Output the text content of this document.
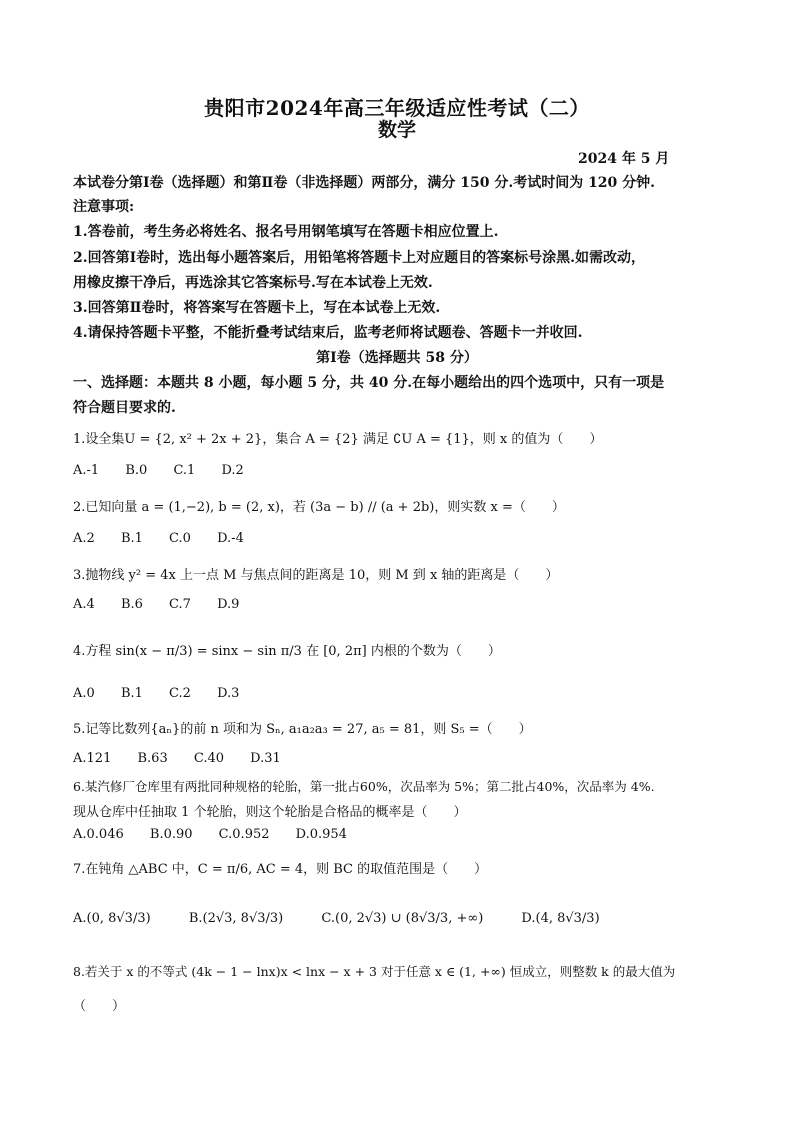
贵阳市2024年高三年级适应性考试（二）
数学
2024 年 5 月
本试卷分第Ⅰ卷（选择题）和第Ⅱ卷（非选择题）两部分，满分 150 分.考试时间为 120 分钟.
注意事项:
1.答卷前，考生务必将姓名、报名号用钢笔填写在答题卡相应位置上.
2.回答第Ⅰ卷时，选出每小题答案后，用铅笔将答题卡上对应题目的答案标号涂黑.如需改动，
用橡皮擦干净后，再选涂其它答案标号.写在本试卷上无效.
3.回答第Ⅱ卷时，将答案写在答题卡上，写在本试卷上无效.
4.请保持答题卡平整，不能折叠考试结束后，监考老师将试题卷、答题卡一并收回.
第Ⅰ卷（选择题共 58 分）
一、选择题：本题共 8 小题，每小题 5 分，共 40 分.在每小题给出的四个选项中，只有一项是
符合题目要求的.
1.设全集U = {2, x² + 2x + 2}，集合 A = {2} 满足 ∁U A = {1}，则 x 的值为（　　）
A.-1 B.0 C.1 D.2
2.已知向量 a = (1,−2), b = (2, x)，若 (3a − b) // (a + 2b)，则实数 x =（　　）
A.2 B.1 C.0 D.-4
3.抛物线 y² = 4x 上一点 M 与焦点间的距离是 10，则 M 到 x 轴的距离是（　　）
A.4 B.6 C.7 D.9
4.方程 sin(x − π/3) = sinx − sin π/3 在 [0, 2π] 内根的个数为（　　）
A.0 B.1 C.2 D.3
5.记等比数列{aₙ}的前 n 项和为 Sₙ, a₁a₂a₃ = 27, a₅ = 81，则 S₅ =（　　）
A.121 B.63 C.40 D.31
6.某汽修厂仓库里有两批同种规格的轮胎，第一批占60%，次品率为 5%；第二批占40%，次品率为 4%.
现从仓库中任抽取 1 个轮胎，则这个轮胎是合格品的概率是（　　）
A.0.046 B.0.90 C.0.952 D.0.954
7.在钝角 △ABC 中，C = π/6, AC = 4，则 BC 的取值范围是（　　）
A.(0, 8√3/3)	B.(2√3, 8√3/3)	C.(0, 2√3) ∪ (8√3/3, +∞)	D.(4, 8√3/3)
8.若关于 x 的不等式 (4k − 1 − lnx)x < lnx − x + 3 对于任意 x ∈ (1, +∞) 恒成立，则整数 k 的最大值为
（　　）
